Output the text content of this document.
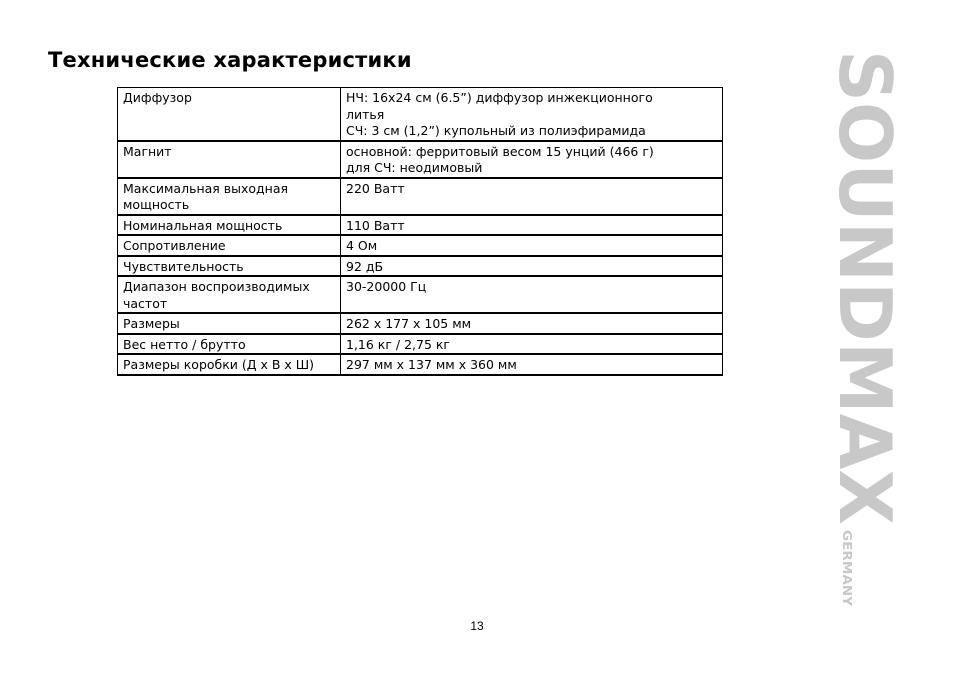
Технические характеристики
Диффузор	НЧ: 16x24 см (6.5”) диффузор инжекционного
литья
СЧ: 3 см (1,2”) купольный из полиэфирамида
Магнит	основной: ферритовый весом 15 унций (466 г)
для СЧ: неодимовый
Максимальная выходная
мощность	220 Ватт
Номинальная мощность	110 Ватт
Сопротивление	4 Ом
Чувствительность	92 дБ
Диапазон воспроизводимых
частот	30-20000 Гц
Размеры	262 x 177 x 105 мм
Вес нетто / брутто	1,16 кг / 2,75 кг
Размеры коробки (Д x В x Ш)	297 мм x 137 мм x 360 мм	SOUNDMAX
GERMANY
13
